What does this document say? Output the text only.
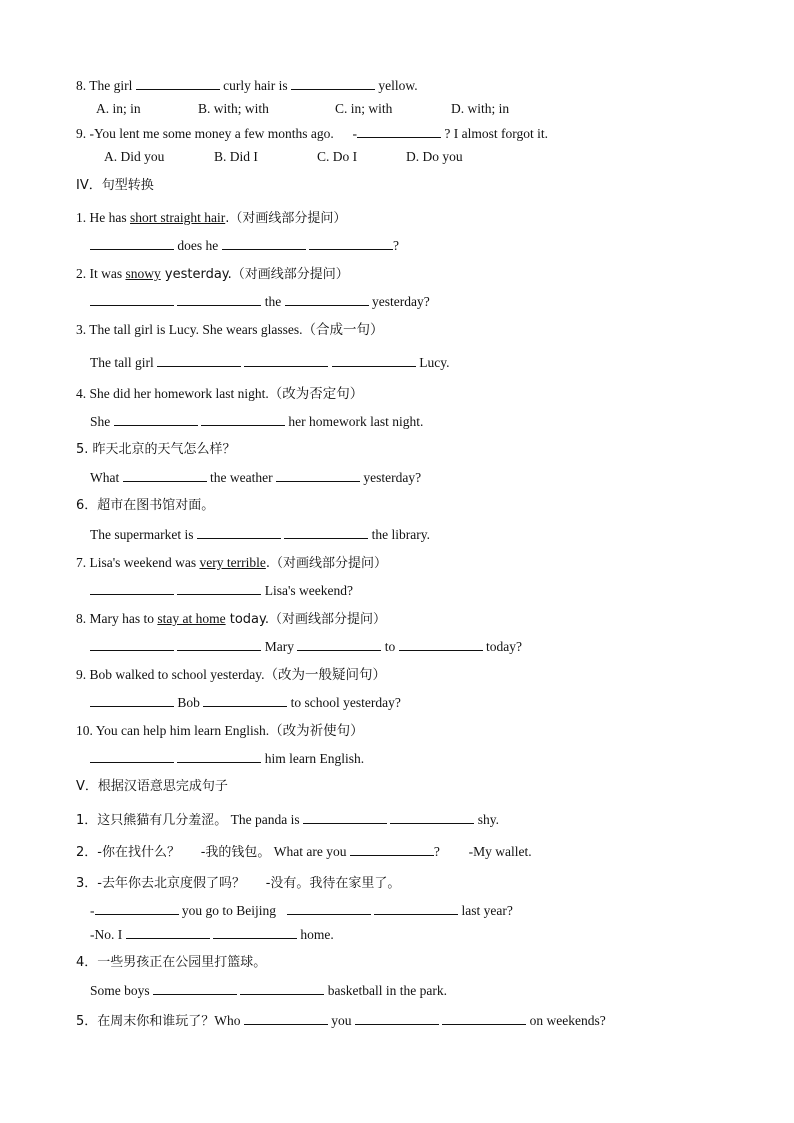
8. The girl	curly hair is	yellow.
A. in; in	B. with; with	C. in; with	D. with; in
9. -You lent me some money a few months ago. -	? I almost forgot it.
A. Did you	B. Did I	C. Do I	D. Do you
IV．句型转换
1. He has short straight hair.（对画线部分提问）
does he	?
2. It was snowy yesterday.（对画线部分提问）
the	yesterday?
3. The tall girl is Lucy. She wears glasses.（合成一句）
The tall girl	Lucy.
4. She did her homework last night.（改为否定句）
She	her homework last night.
5. 昨天北京的天气怎么样？
What	the weather	yesterday?
6．超市在图书馆对面。
The supermarket is	the library.
7. Lisa's weekend was very terrible.（对画线部分提问）
Lisa's weekend?
8. Mary has to stay at home today.（对画线部分提问）
Mary	to	today?
9. Bob walked to school yesterday.（改为一般疑问句）
Bob	to school yesterday?
10. You can help him learn English.（改为祈使句）
him learn English.
V．根据汉语意思完成句子
1．这只熊猫有几分羞涩。 The panda is	shy.
2．-你在找什么？ -我的钱包。 What are you	? -My wallet.
3．-去年你去北京度假了吗？ -没有。我待在家里了。
-	you go to Beijing	last year?
-No. I	home.
4．一些男孩正在公园里打篮球。
Some boys	basketball in the park.
5．在周末你和谁玩了？Who	you	on weekends?
